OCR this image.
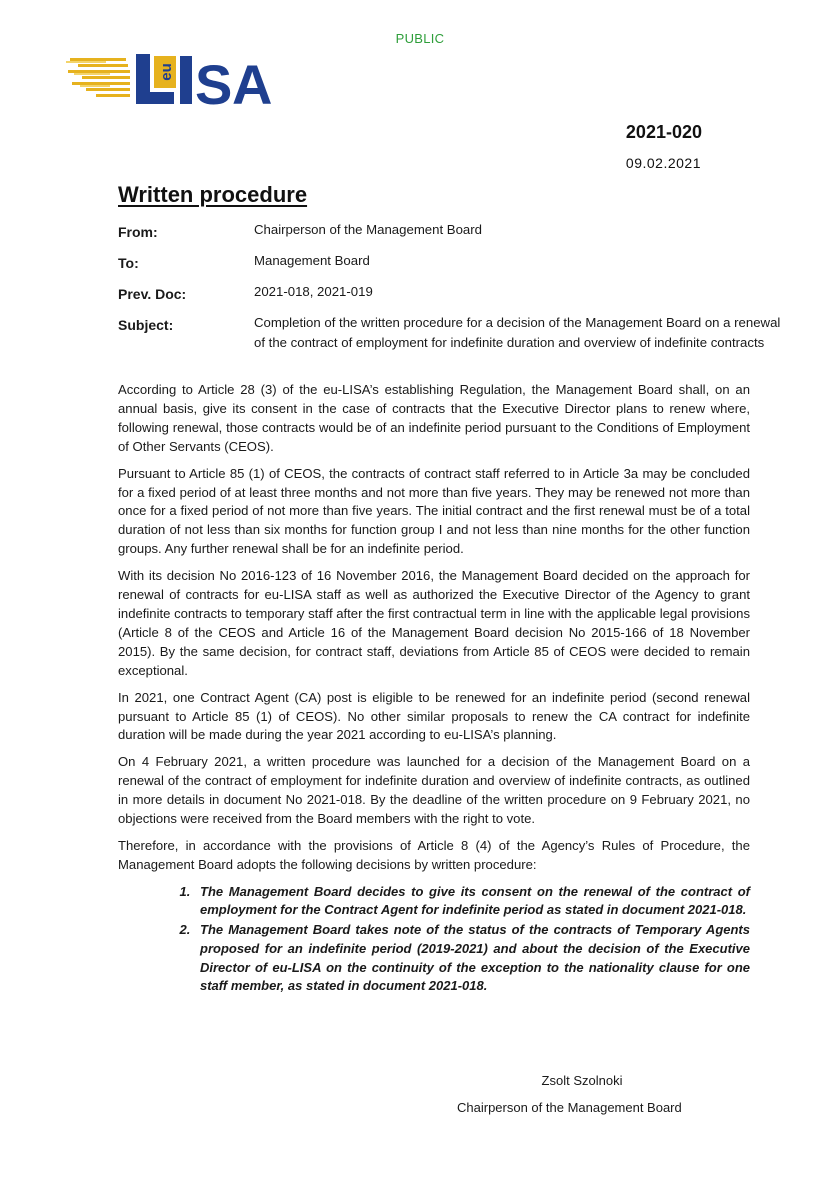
PUBLIC
eu S A
2021-020
09.02.2021
Written procedure
From:	Chairperson of the Management Board
To:	Management Board
Prev. Doc:	2021-018, 2021-019
Subject:	Completion of the written procedure for a decision of the Management Board on a renewal of the contract of employment for indefinite duration and overview of indefinite contracts

According to Article 28 (3) of the eu-LISA’s establishing Regulation, the Management Board shall, on an annual basis, give its consent in the case of contracts that the Executive Director plans to renew where, following renewal, those contracts would be of an indefinite period pursuant to the Conditions of Employment of Other Servants (CEOS).

Pursuant to Article 85 (1) of CEOS, the contracts of contract staff referred to in Article 3a may be concluded for a fixed period of at least three months and not more than five years. They may be renewed not more than once for a fixed period of not more than five years. The initial contract and the first renewal must be of a total duration of not less than six months for function group I and not less than nine months for the other function groups. Any further renewal shall be for an indefinite period.

With its decision No 2016-123 of 16 November 2016, the Management Board decided on the approach for renewal of contracts for eu-LISA staff as well as authorized the Executive Director of the Agency to grant indefinite contracts to temporary staff after the first contractual term in line with the applicable legal provisions (Article 8 of the CEOS and Article 16 of the Management Board decision No 2015-166 of 18 November 2015). By the same decision, for contract staff, deviations from Article 85 of CEOS were decided to remain exceptional.

In 2021, one Contract Agent (CA) post is eligible to be renewed for an indefinite period (second renewal pursuant to Article 85 (1) of CEOS). No other similar proposals to renew the CA contract for indefinite duration will be made during the year 2021 according to eu-LISA’s planning.

On 4 February 2021, a written procedure was launched for a decision of the Management Board on a renewal of the contract of employment for indefinite duration and overview of indefinite contracts, as outlined in more details in document No 2021-018. By the deadline of the written procedure on 9 February 2021, no objections were received from the Board members with the right to vote.

Therefore, in accordance with the provisions of Article 8 (4) of the Agency’s Rules of Procedure, the Management Board adopts the following decisions by written procedure:

1. The Management Board decides to give its consent on the renewal of the contract of employment for the Contract Agent for indefinite period as stated in document 2021-018.
2. The Management Board takes note of the status of the contracts of Temporary Agents proposed for an indefinite period (2019-2021) and about the decision of the Executive Director of eu-LISA on the continuity of the exception to the nationality clause for one staff member, as stated in document 2021-018.
Zsolt Szolnoki
Chairperson of the Management Board
